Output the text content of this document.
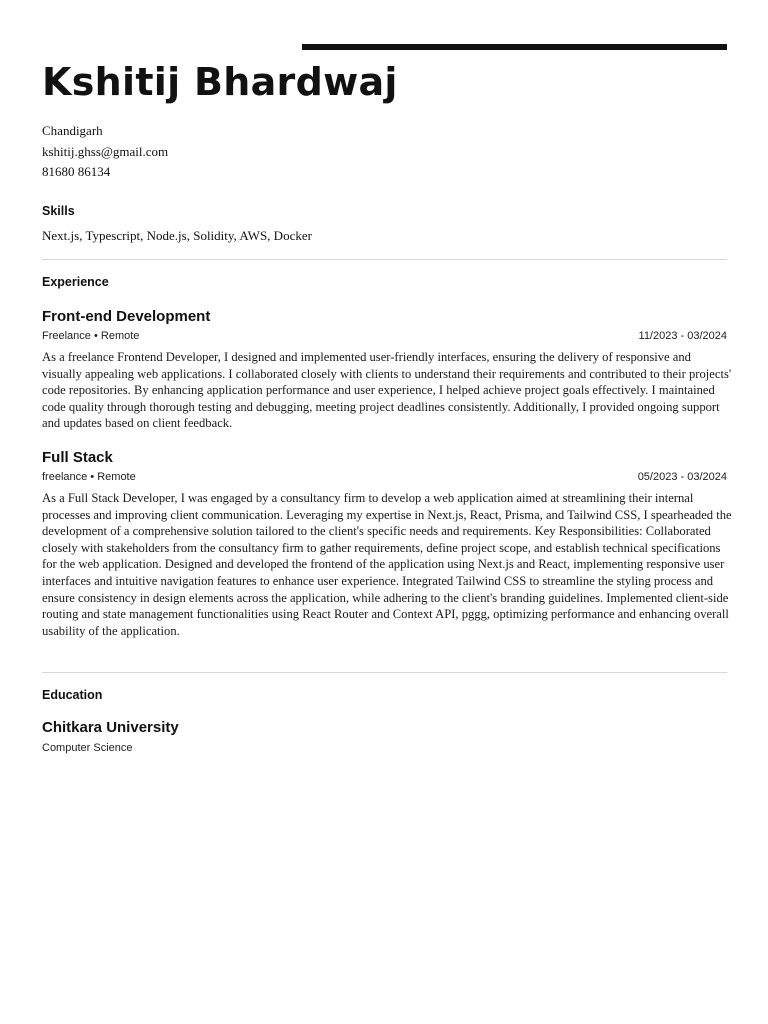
Kshitij Bhardwaj
Chandigarh
kshitij.ghss@gmail.com
81680 86134
Skills
Next.js, Typescript, Node.js, Solidity, AWS, Docker
Experience
Front-end Development
Freelance • Remote	11/2023 - 03/2024

As a freelance Frontend Developer, I designed and implemented user-friendly interfaces, ensuring the delivery of responsive and visually appealing web applications. I collaborated closely with clients to understand their requirements and contributed to their projects' code repositories. By enhancing application performance and user experience, I helped achieve project goals effectively. I maintained code quality through thorough testing and debugging, meeting project deadlines consistently. Additionally, I provided ongoing support and updates based on client feedback.

Full Stack
freelance • Remote	05/2023 - 03/2024

As a Full Stack Developer, I was engaged by a consultancy firm to develop a web application aimed at streamlining their internal processes and improving client communication. Leveraging my expertise in Next.js, React, Prisma, and Tailwind CSS, I spearheaded the development of a comprehensive solution tailored to the client's specific needs and requirements. Key Responsibilities: Collaborated closely with stakeholders from the consultancy firm to gather requirements, define project scope, and establish technical specifications for the web application. Designed and developed the frontend of the application using Next.js and React, implementing responsive user interfaces and intuitive navigation features to enhance user experience. Integrated Tailwind CSS to streamline the styling process and ensure consistency in design elements across the application, while adhering to the client's branding guidelines. Implemented client-side routing and state management functionalities using React Router and Context API, pggg, optimizing performance and enhancing overall usability of the application.

Education
Chitkara University
Computer Science
